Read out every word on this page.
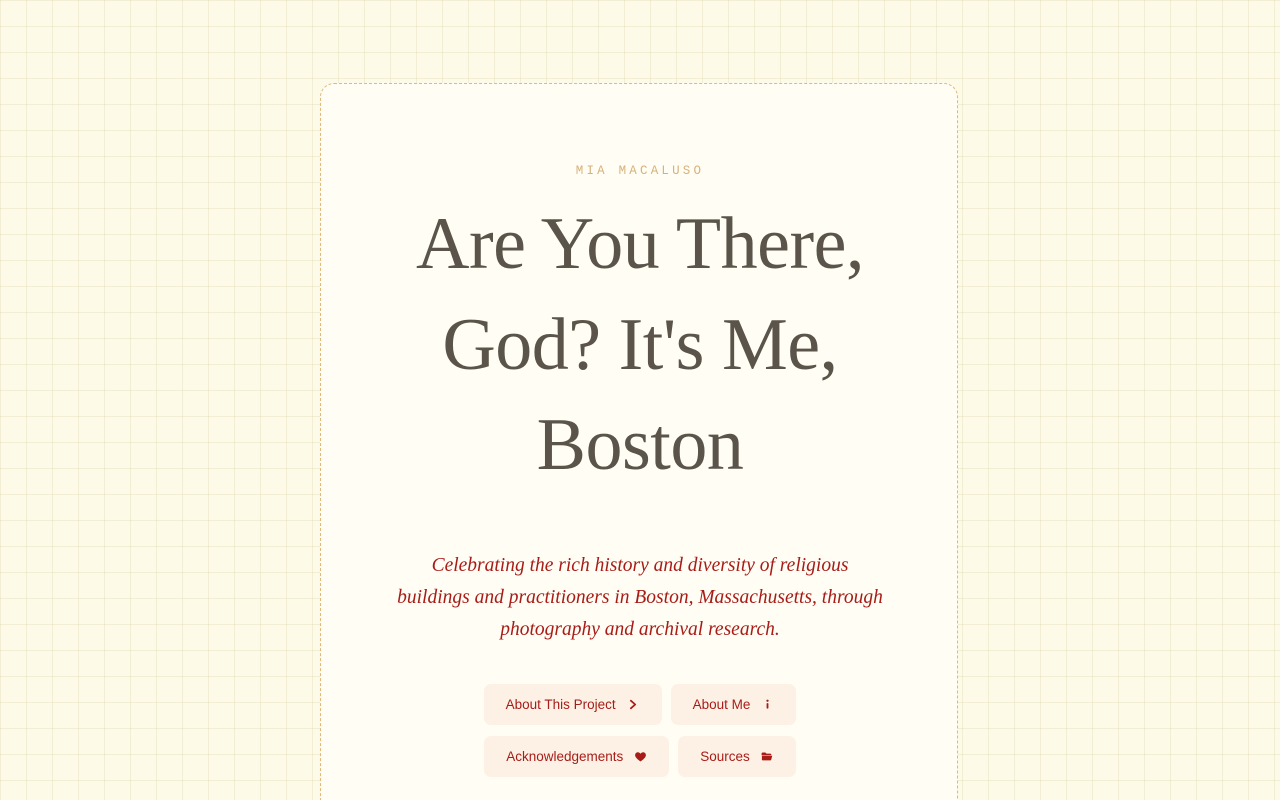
MIA MACALUSO
Are You There, God? It's Me, Boston

Celebrating the rich history and diversity of religious buildings and practitioners in Boston, Massachusetts, through photography and archival research.

About This Project	About Me
Acknowledgements	Sources
